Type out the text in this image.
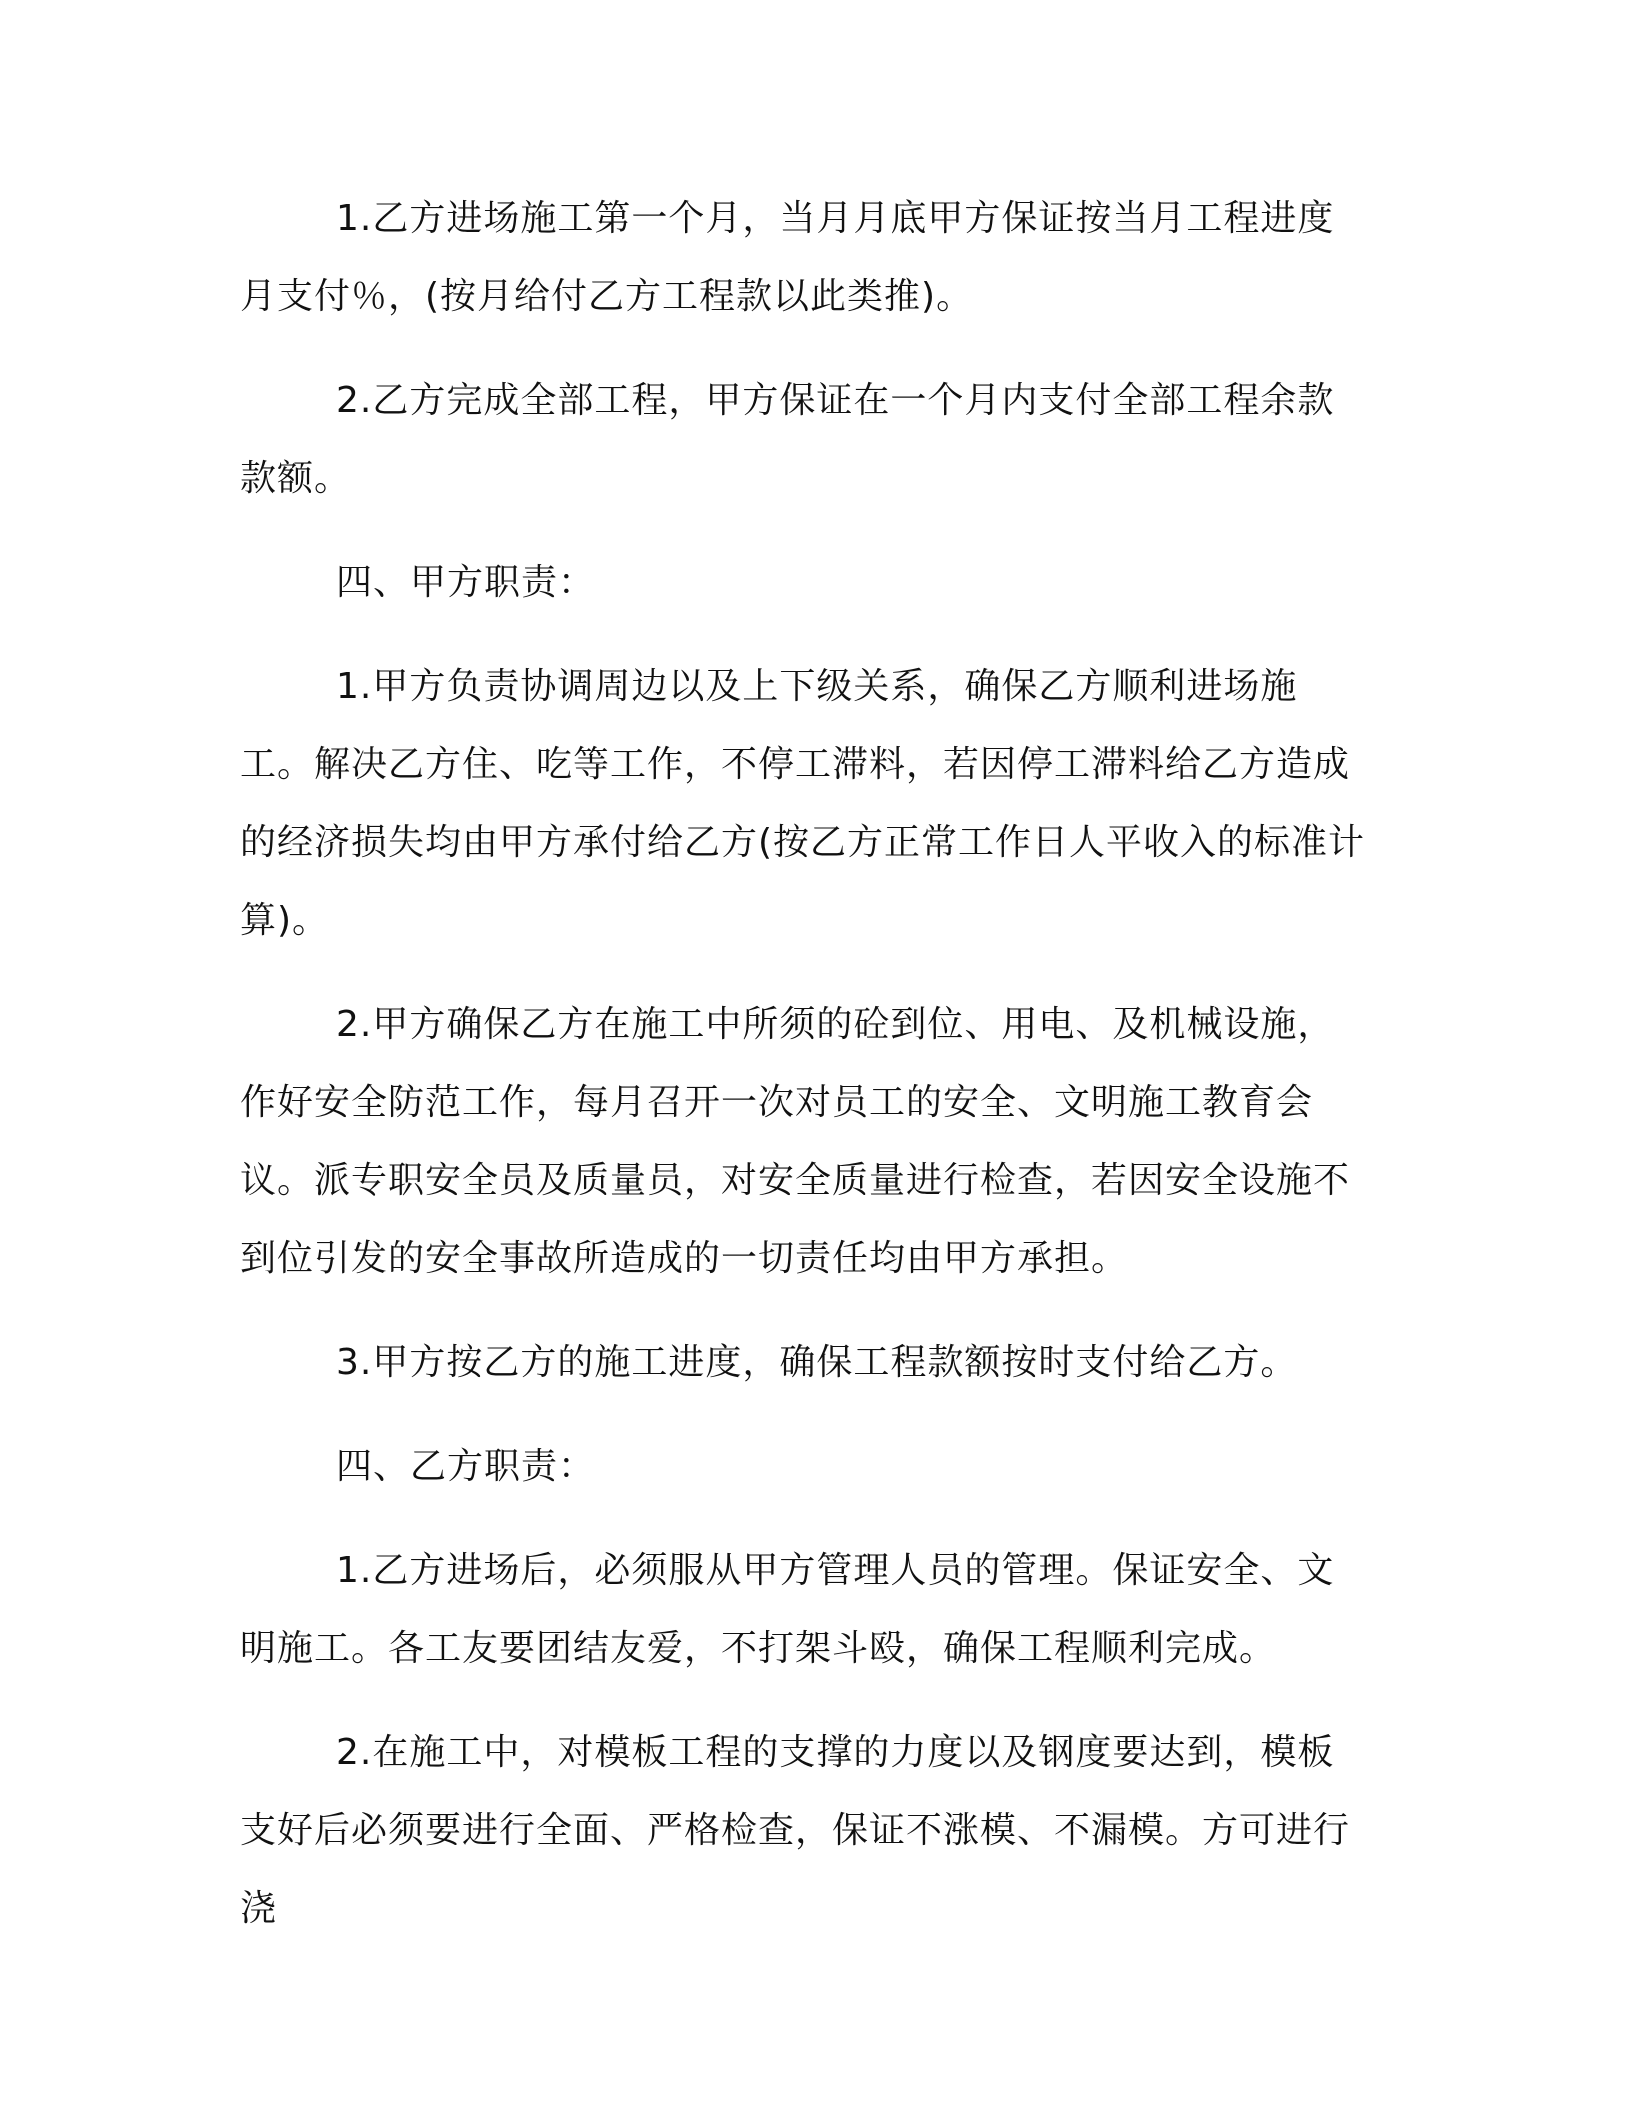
1.乙方进场施工第一个月，当月月底甲方保证按当月工程进度月支付％，(按月给付乙方工程款以此类推)。

2.乙方完成全部工程，甲方保证在一个月内支付全部工程余款款额。

四、甲方职责：

1.甲方负责协调周边以及上下级关系，确保乙方顺利进场施工。解决乙方住、吃等工作，不停工滞料，若因停工滞料给乙方造成的经济损失均由甲方承付给乙方(按乙方正常工作日人平收入的标准计算)。

2.甲方确保乙方在施工中所须的砼到位、用电、及机械设施，作好安全防范工作，每月召开一次对员工的安全、文明施工教育会议。派专职安全员及质量员，对安全质量进行检查，若因安全设施不到位引发的安全事故所造成的一切责任均由甲方承担。

3.甲方按乙方的施工进度，确保工程款额按时支付给乙方。

四、乙方职责：

1.乙方进场后，必须服从甲方管理人员的管理。保证安全、文明施工。各工友要团结友爱，不打架斗殴，确保工程顺利完成。

2.在施工中，对模板工程的支撑的力度以及钢度要达到，模板支好后必须要进行全面、严格检查，保证不涨模、不漏模。方可进行浇
